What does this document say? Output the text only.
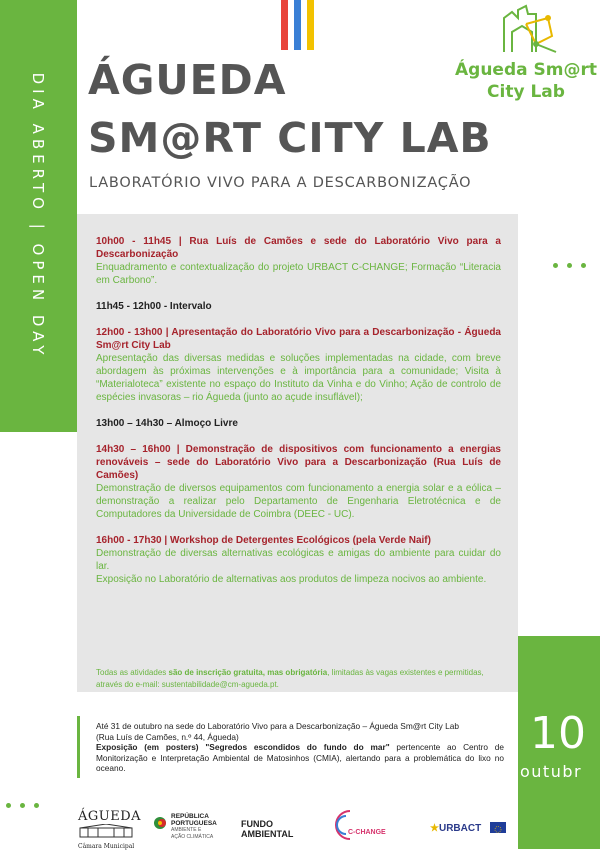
DIA ABERTO | OPEN DAY ÁGUEDA
SM@RT CITY LAB
LABORATÓRIO VIVO PARA A DESCARBONIZAÇÃO
Águeda Sm@rt
City Lab
10h00 - 11h45 | Rua Luís de Camões e sede do Laboratório Vivo para a Descarbonização
Enquadramento e contextualização do projeto URBACT C-CHANGE; Formação “Literacia em Carbono”.
11h45 - 12h00 - Intervalo
12h00 - 13h00 | Apresentação do Laboratório Vivo para a Descarbonização - Águeda Sm@rt City Lab
Apresentação das diversas medidas e soluções implementadas na cidade, com breve abordagem às próximas intervenções e à importância para a comunidade; Visita à “Materialoteca” existente no espaço do Instituto da Vinha e do Vinho; Ação de controlo de espécies invasoras – rio Águeda (junto ao açude insuflável);
13h00 – 14h30 – Almoço Livre
14h30 – 16h00 | Demonstração de dispositivos com funcionamento a energias renováveis – sede do Laboratório Vivo para a Descarbonização (Rua Luís de Camões)
Demonstração de diversos equipamentos com funcionamento a energia solar e a eólica – demonstração a realizar pelo Departamento de Engenharia Eletrotécnica e de Computadores da Universidade de Coimbra (DEEC - UC).
16h00 - 17h30 | Workshop de Detergentes Ecológicos (pela Verde Naif)
Demonstração de diversas alternativas ecológicas e amigas do ambiente para cuidar do lar.
Exposição no Laboratório de alternativas aos produtos de limpeza nocivos ao ambiente.
Todas as atividades são de inscrição gratuita, mas obrigatória, limitadas às vagas existentes e permitidas, através do e-mail: sustentabilidade@cm-agueda.pt.
Até 31 de outubro na sede do Laboratório Vivo para a Descarbonização – Águeda Sm@rt City Lab
(Rua Luís de Camões, n.º 44, Águeda)
Exposição (em posters) "Segredos escondidos do fundo do mar" pertencente ao Centro de Monitorização e Interpretação Ambiental de Matosinhos (CMIA), alertando para a problemática do lixo no oceano.
10
outubr
ÁGUEDA
Câmara Municipal
REPÚBLICA
PORTUGUESA
AMBIENTE E
AÇÃO CLIMÁTICA
FUNDO
AMBIENTAL	C-CHANGE	★URBACT
